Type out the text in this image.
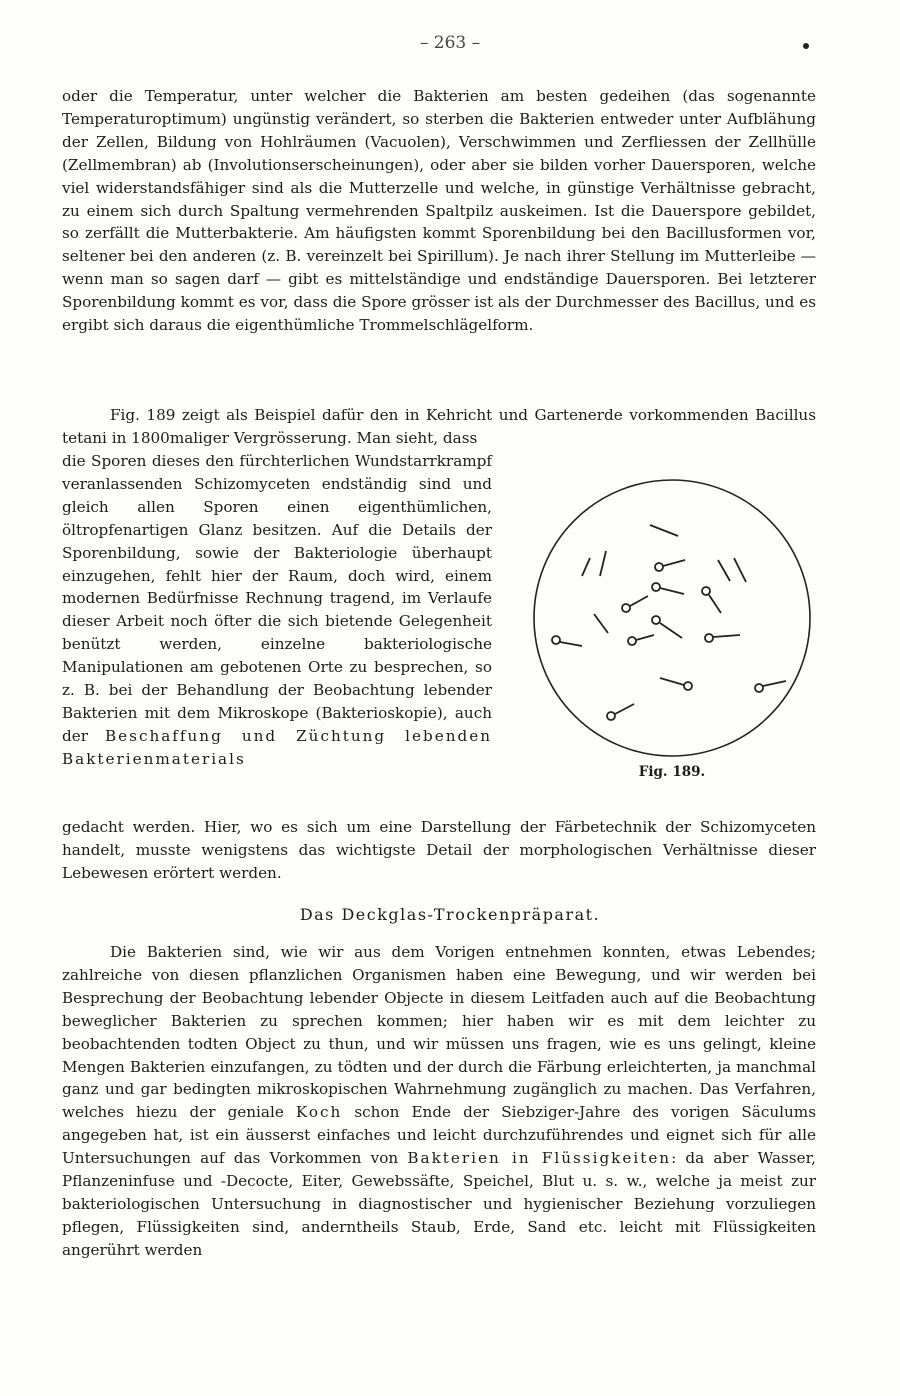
– 263 –

oder die Temperatur, unter welcher die Bakterien am besten gedeihen (das sogenannte Temperaturoptimum) ungünstig verändert, so sterben die Bakterien entweder unter Aufblähung der Zellen, Bildung von Hohlräumen (Vacuolen), Verschwimmen und Zerfliessen der Zellhülle (Zellmembran) ab (Involutionserscheinungen), oder aber sie bilden vorher Dauersporen, welche viel widerstandsfähiger sind als die Mutterzelle und welche, in günstige Verhältnisse gebracht, zu einem sich durch Spaltung vermehrenden Spaltpilz auskeimen. Ist die Dauerspore gebildet, so zerfällt die Mutterbakterie. Am häufigsten kommt Sporenbildung bei den Bacillusformen vor, seltener bei den anderen (z. B. vereinzelt bei Spirillum). Je nach ihrer Stellung im Mutterleibe — wenn man so sagen darf — gibt es mittelständige und endständige Dauersporen. Bei letzterer Sporenbildung kommt es vor, dass die Spore grösser ist als der Durchmesser des Bacillus, und es ergibt sich daraus die eigenthümliche Trommelschlägelform.

Fig. 189 zeigt als Beispiel dafür den in Kehricht und Gartenerde vorkommenden Bacillus tetani in 1800maliger Vergrösserung. Man sieht, dass

die Sporen dieses den fürchterlichen Wundstarrkrampf veranlassenden Schizomyceten endständig sind und gleich allen Sporen einen eigenthümlichen, öltropfenartigen Glanz besitzen. Auf die Details der Sporenbildung, sowie der Bakteriologie überhaupt einzugehen, fehlt hier der Raum, doch wird, einem modernen Bedürfnisse Rechnung tragend, im Verlaufe dieser Arbeit noch öfter die sich bietende Gelegenheit benützt werden, einzelne bakteriologische Manipulationen am gebotenen Orte zu besprechen, so z. B. bei der Behandlung der Beobachtung lebender Bakterien mit dem Mikroskope (Bakterioskopie), auch der Beschaffung und Züchtung lebenden Bakterienmaterials

gedacht werden. Hier, wo es sich um eine Darstellung der Färbetechnik der Schizomyceten handelt, musste wenigstens das wichtigste Detail der morphologischen Verhältnisse dieser Lebewesen erörtert werden.

Fig. 189.
Das Deckglas-Trockenpräparat.

Die Bakterien sind, wie wir aus dem Vorigen entnehmen konnten, etwas Lebendes; zahlreiche von diesen pflanzlichen Organismen haben eine Bewegung, und wir werden bei Besprechung der Beobachtung lebender Objecte in diesem Leitfaden auch auf die Beobachtung beweglicher Bakterien zu sprechen kommen; hier haben wir es mit dem leichter zu beobachtenden todten Object zu thun, und wir müssen uns fragen, wie es uns gelingt, kleine Mengen Bakterien einzufangen, zu tödten und der durch die Färbung erleichterten, ja manchmal ganz und gar bedingten mikroskopischen Wahrnehmung zugänglich zu machen. Das Verfahren, welches hiezu der geniale Koch schon Ende der Siebziger-Jahre des vorigen Säculums angegeben hat, ist ein äusserst einfaches und leicht durchzuführendes und eignet sich für alle Untersuchungen auf das Vorkommen von Bakterien in Flüssigkeiten: da aber Wasser, Pflanzeninfuse und -Decocte, Eiter, Gewebssäfte, Speichel, Blut u. s. w., welche ja meist zur bakteriologischen Untersuchung in diagnostischer und hygienischer Beziehung vorzuliegen pflegen, Flüssigkeiten sind, anderntheils Staub, Erde, Sand etc. leicht mit Flüssigkeiten angerührt werden
